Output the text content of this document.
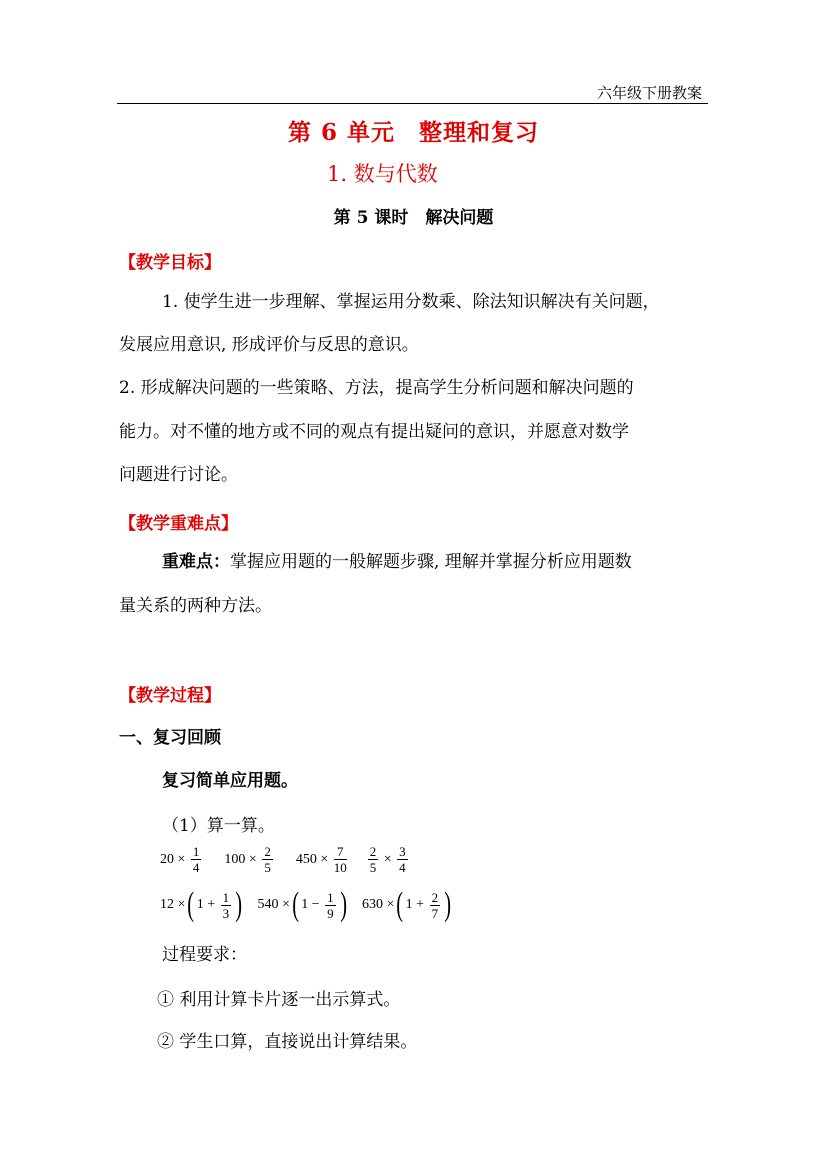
六年级下册教案
第 6 单元　整理和复习
1. 数与代数
第 5 课时　解决问题
【教学目标】
1. 使学生进一步理解、掌握运用分数乘、除法知识解决有关问题，
发展应用意识, 形成评价与反思的意识。
2. 形成解决问题的一些策略、方法，提高学生分析问题和解决问题的
能力。对不懂的地方或不同的观点有提出疑问的意识，并愿意对数学
问题进行讨论。
【教学重难点】
重难点：掌握应用题的一般解题步骤, 理解并掌握分析应用题数
量关系的两种方法。
【教学过程】
一、复习回顾
复习简单应用题。
（1）算一算。
$20 \times \frac{1}{4} 100 \times \frac{2}{5} 450 \times \frac{7}{10}$
$\frac{2}{5} \times \frac{3}{4}$
12 ×( $1 + \frac{1}{3}$ ) 540 ×( $1 - \frac{1}{9}$ ) 630 ×( $1 + \frac{2}{7}$ )
过程要求：
① 利用计算卡片逐一出示算式。
② 学生口算，直接说出计算结果。
